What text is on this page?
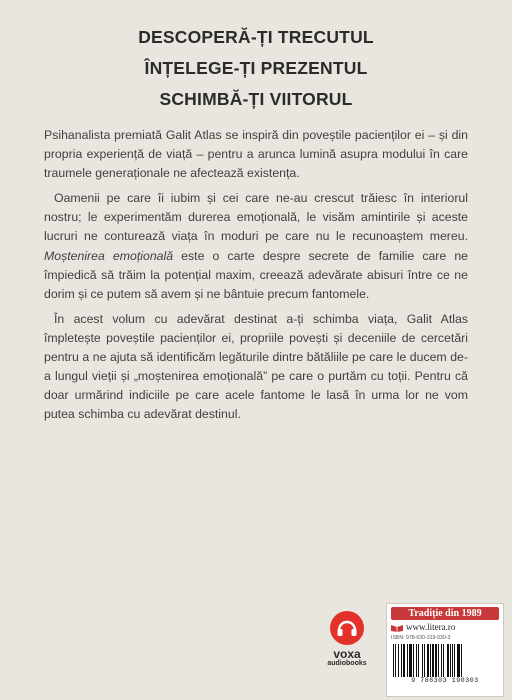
DESCOPERĂ-ȚI TRECUTUL
ÎNȚELEGE-ȚI PREZENTUL
SCHIMBĂ-ȚI VIITORUL

Psihanalista premiată Galit Atlas se inspiră din poveștile pacienților ei – și din propria experiență de viață – pentru a arunca lumină asupra modului în care traumele generaționale ne afectează existența.

Oamenii pe care îi iubim și cei care ne-au crescut trăiesc în interiorul nostru; le experimentăm durerea emoțională, le visăm amintirile și aceste lucruri ne conturează viața în moduri pe care nu le recunoaștem mereu. Moștenirea emoțională este o carte despre secrete de familie care ne împiedică să trăim la potențial maxim, creează adevărate abisuri între ce ne dorim și ce putem să avem și ne bântuie precum fantomele.

În acest volum cu adevărat destinat a-ți schimba viața, Galit Atlas împletește poveștile pacienților ei, propriile povești și deceniile de cercetări pentru a ne ajuta să identificăm legăturile dintre bătăliile pe care le ducem de-a lungul vieții și „moștenirea emoțională” pe care o purtăm cu toții. Pentru că doar urmărind indiciile pe care acele fantome le lasă în urma lor ne vom putea schimba cu adevărat destinul.

voxa
audiobooks
Tradiție din 1989
www.litera.ro
ISBN: 978-630-319-030-3
9 786303 190303
